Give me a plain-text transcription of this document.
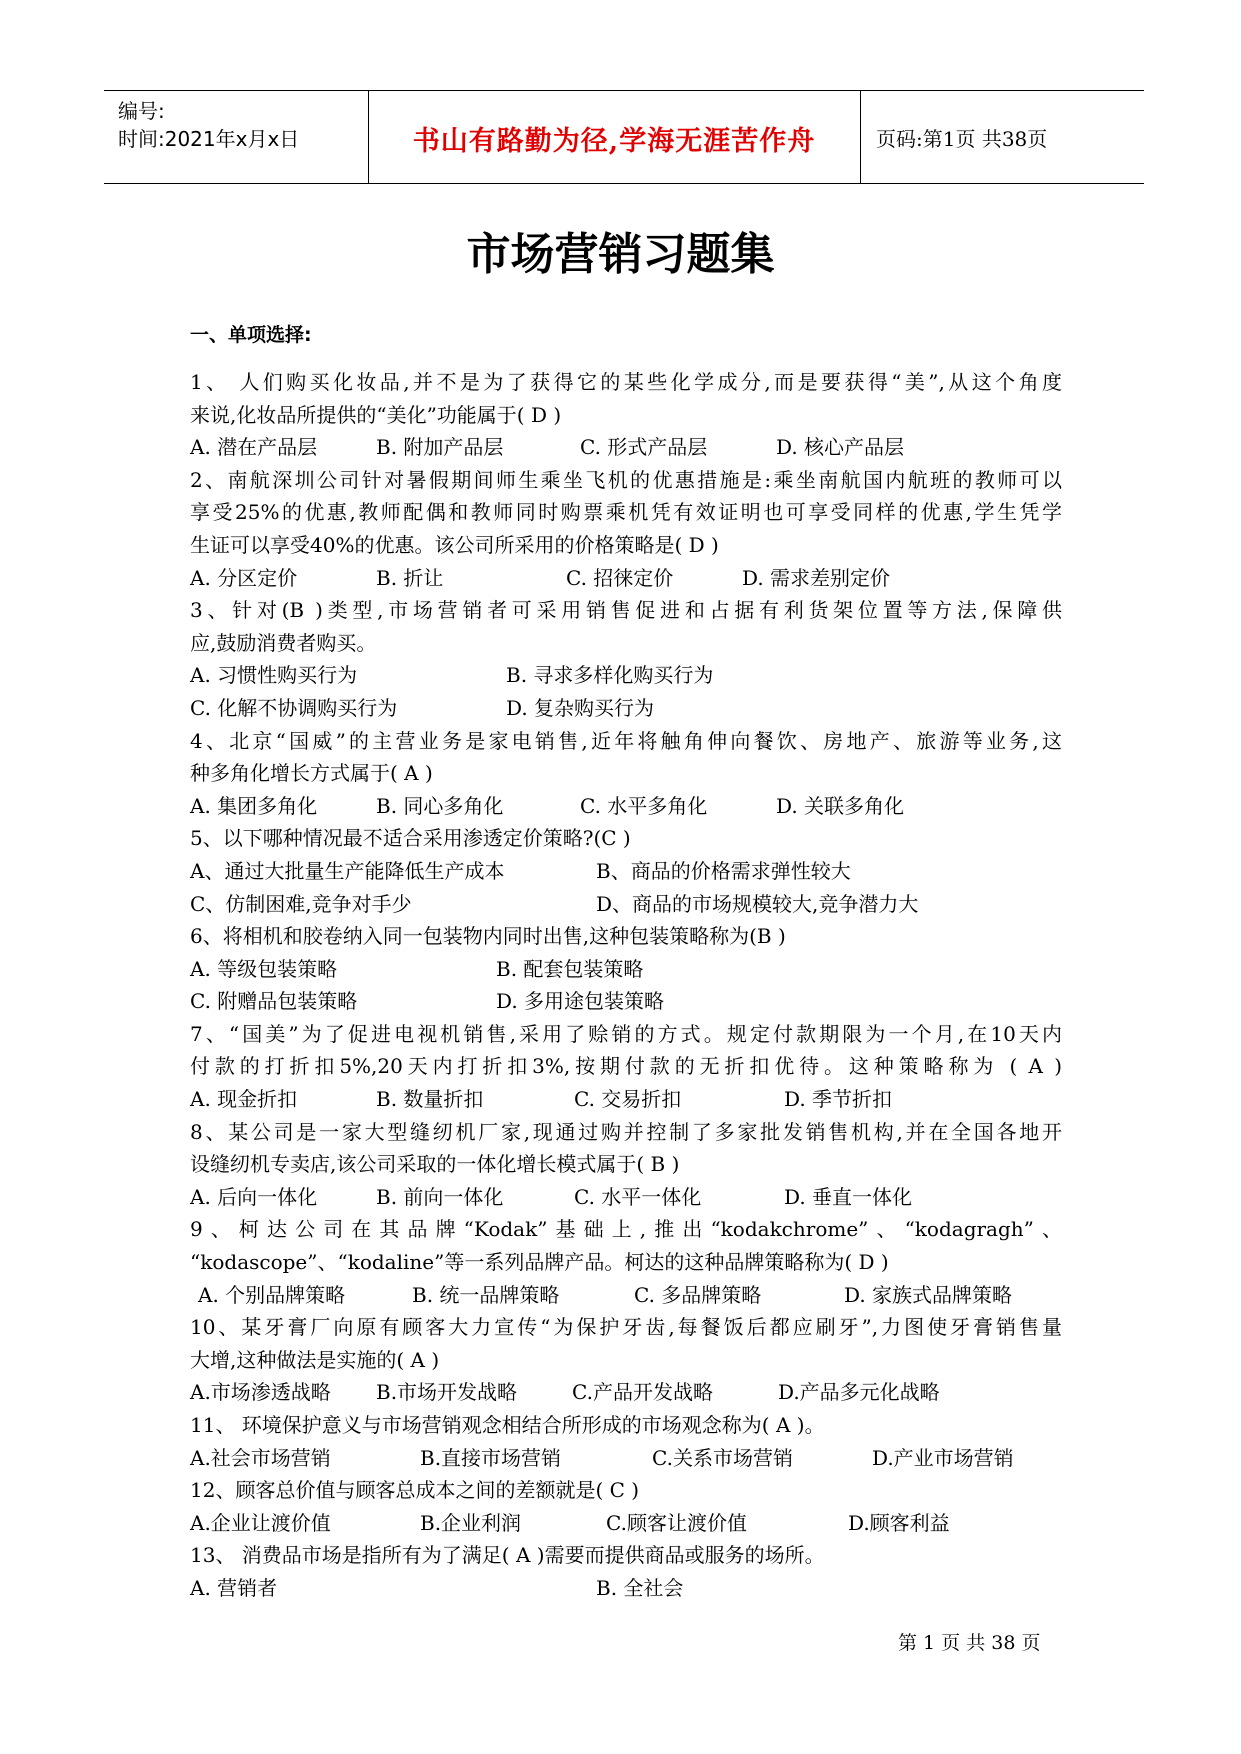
编号:
时间:2021年x月x日	书山有路勤为径,学海无涯苦作舟	页码:第1页 共38页
市场营销习题集
一、单项选择:
1、 人们购买化妆品,并不是为了获得它的某些化学成分,而是要获得“美”,从这个角度
来说,化妆品所提供的“美化”功能属于( D )
A. 潜在产品层	B. 附加产品层	C. 形式产品层	D. 核心产品层
2、南航深圳公司针对暑假期间师生乘坐飞机的优惠措施是:乘坐南航国内航班的教师可以
享受25%的优惠,教师配偶和教师同时购票乘机凭有效证明也可享受同样的优惠,学生凭学
生证可以享受40%的优惠。该公司所采用的价格策略是( D )
A. 分区定价	B. 折让	C. 招徕定价	D. 需求差别定价
3、针对(B )类型,市场营销者可采用销售促进和占据有利货架位置等方法,保障供
应,鼓励消费者购买。
A. 习惯性购买行为	B. 寻求多样化购买行为
C. 化解不协调购买行为	D. 复杂购买行为
4、北京“国威”的主营业务是家电销售,近年将触角伸向餐饮、房地产、旅游等业务,这
种多角化增长方式属于( A )
A. 集团多角化	B. 同心多角化	C. 水平多角化	D. 关联多角化
5、以下哪种情况最不适合采用渗透定价策略?(C )
A、通过大批量生产能降低生产成本	B、商品的价格需求弹性较大
C、仿制困难,竞争对手少	D、商品的市场规模较大,竞争潜力大
6、将相机和胶卷纳入同一包装物内同时出售,这种包装策略称为(B )
A. 等级包装策略	B. 配套包装策略
C. 附赠品包装策略	D. 多用途包装策略
7、“国美”为了促进电视机销售,采用了赊销的方式。规定付款期限为一个月,在10天内
付款的打折扣5%,20天内打折扣3%,按期付款的无折扣优待。这种策略称为 ( A )
A. 现金折扣	B. 数量折扣	C. 交易折扣	D. 季节折扣
8、某公司是一家大型缝纫机厂家,现通过购并控制了多家批发销售机构,并在全国各地开
设缝纫机专卖店,该公司采取的一体化增长模式属于( B )
A. 后向一体化	B. 前向一体化	C. 水平一体化	D. 垂直一体化
9、柯达公司在其品牌“Kodak”基础上,推出“kodakchrome”、“kodagragh”、
“kodascope”、“kodaline”等一系列品牌产品。柯达的这种品牌策略称为( D )
A. 个别品牌策略	B. 统一品牌策略	C. 多品牌策略	D. 家族式品牌策略
10、某牙膏厂向原有顾客大力宣传“为保护牙齿,每餐饭后都应刷牙”,力图使牙膏销售量
大增,这种做法是实施的( A )
A.市场渗透战略	B.市场开发战略	C.产品开发战略	D.产品多元化战略
11、 环境保护意义与市场营销观念相结合所形成的市场观念称为( A )。
A.社会市场营销	B.直接市场营销	C.关系市场营销	D.产业市场营销
12、顾客总价值与顾客总成本之间的差额就是( C )
A.企业让渡价值	B.企业利润	C.顾客让渡价值	D.顾客利益
13、 消费品市场是指所有为了满足( A )需要而提供商品或服务的场所。
A. 营销者	B. 全社会
第 1 页 共 38 页
